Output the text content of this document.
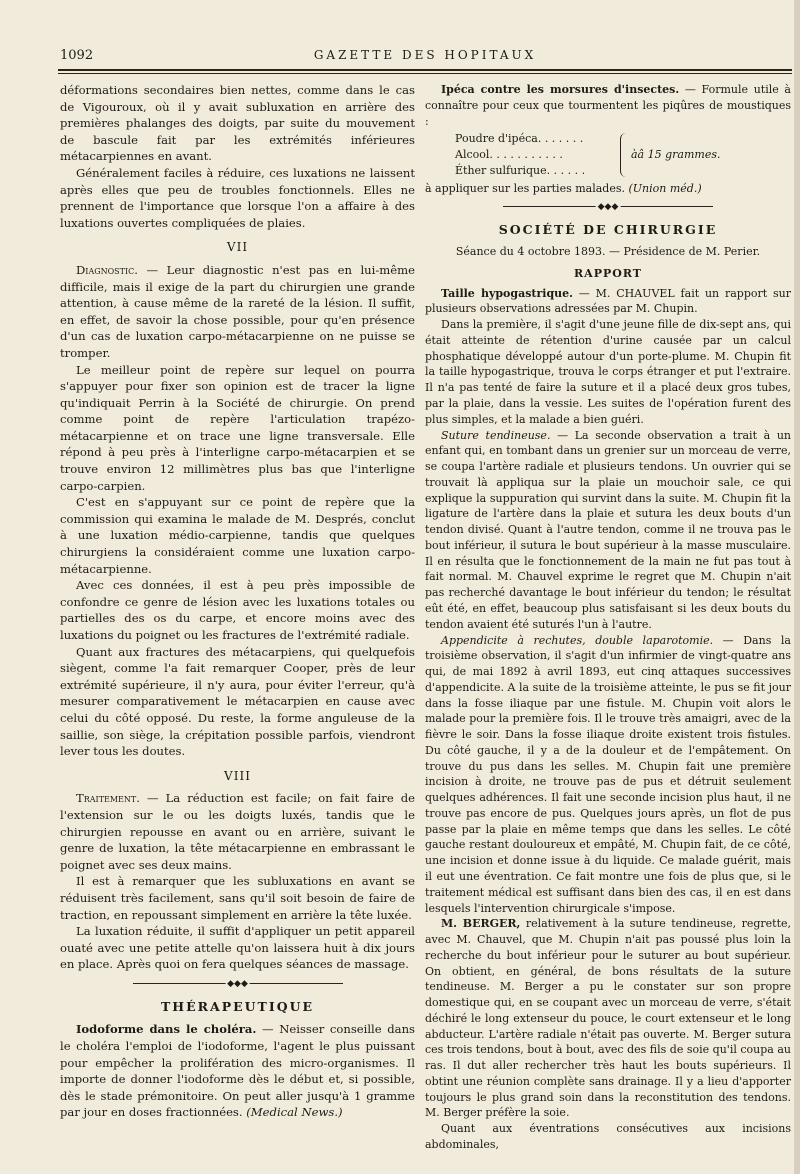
1092	GAZETTE DES HOPITAUX

déformations secondaires bien nettes, comme dans le cas de Vigouroux, où il y avait subluxation en arrière des premières phalanges des doigts, par suite du mouvement de bascule fait par les extrémités inférieures métacarpiennes en avant.

Généralement faciles à réduire, ces luxations ne laissent après elles que peu de troubles fonctionnels. Elles ne prennent de l'importance que lorsque l'on a affaire à des luxations ouvertes compliquées de plaies.

VII

Diagnostic. — Leur diagnostic n'est pas en lui-même difficile, mais il exige de la part du chirurgien une grande attention, à cause même de la rareté de la lésion. Il suffit, en effet, de savoir la chose possible, pour qu'en présence d'un cas de luxation carpo-métacarpienne on ne puisse se tromper.

Le meilleur point de repère sur lequel on pourra s'appuyer pour fixer son opinion est de tracer la ligne qu'indiquait Perrin à la Société de chirurgie. On prend comme point de repère l'articulation trapézo-métacarpienne et on trace une ligne transversale. Elle répond à peu près à l'interligne carpo-métacarpien et se trouve environ 12 millimètres plus bas que l'interligne carpo-carpien.

C'est en s'appuyant sur ce point de repère que la commission qui examina le malade de M. Després, conclut à une luxation médio-carpienne, tandis que quelques chirurgiens la considéraient comme une luxation carpo-métacarpienne.

Avec ces données, il est à peu près impossible de confondre ce genre de lésion avec les luxations totales ou partielles des os du carpe, et encore moins avec des luxations du poignet ou les fractures de l'extrémité radiale.

Quant aux fractures des métacarpiens, qui quelquefois siègent, comme l'a fait remarquer Cooper, près de leur extrémité supérieure, il n'y aura, pour éviter l'erreur, qu'à mesurer comparativement le métacarpien en cause avec celui du côté opposé. Du reste, la forme anguleuse de la saillie, son siège, la crépitation possible parfois, viendront lever tous les doutes.

VIII

Traitement. — La réduction est facile; on fait faire de l'extension sur le ou les doigts luxés, tandis que le chirurgien repousse en avant ou en arrière, suivant le genre de luxation, la tête métacarpienne en embrassant le poignet avec ses deux mains.

Il est à remarquer que les subluxations en avant se réduisent très facilement, sans qu'il soit besoin de faire de traction, en repoussant simplement en arrière la tête luxée.

La luxation réduite, il suffit d'appliquer un petit appareil ouaté avec une petite attelle qu'on laissera huit à dix jours en place. Après quoi on fera quelques séances de massage.

◆◆◆
THÉRAPEUTIQUE

Iodoforme dans le choléra. — Neisser conseille dans le choléra l'emploi de l'iodoforme, l'agent le plus puissant pour empêcher la prolifération des micro-organismes. Il importe de donner l'iodoforme dès le début et, si possible, dès le stade prémonitoire. On peut aller jusqu'à 1 gramme par jour en doses fractionnées. (Medical News.)

Ipéca contre les morsures d'insectes. — Formule utile à connaître pour ceux que tourmentent les piqûres de moustiques :

Poudre d'ipéca. . . . . . .
Alcool. . . . . . . . . . .
Éther sulfurique. . . . . .
àâ 15 grammes.

à appliquer sur les parties malades. (Union méd.)

◆◆◆
SOCIÉTÉ DE CHIRURGIE
Séance du 4 octobre 1893. — Présidence de M. Perier.
RAPPORT

Taille hypogastrique. — M. CHAUVEL fait un rapport sur plusieurs observations adressées par M. Chupin.

Dans la première, il s'agit d'une jeune fille de dix-sept ans, qui était atteinte de rétention d'urine causée par un calcul phosphatique développé autour d'un porte-plume. M. Chupin fit la taille hypogastrique, trouva le corps étranger et put l'extraire. Il n'a pas tenté de faire la suture et il a placé deux gros tubes, par la plaie, dans la vessie. Les suites de l'opération furent des plus simples, et la malade a bien guéri.

Suture tendineuse. — La seconde observation a trait à un enfant qui, en tombant dans un grenier sur un morceau de verre, se coupa l'artère radiale et plusieurs tendons. Un ouvrier qui se trouvait là appliqua sur la plaie un mouchoir sale, ce qui explique la suppuration qui survint dans la suite. M. Chupin fit la ligature de l'artère dans la plaie et sutura les deux bouts d'un tendon divisé. Quant à l'autre tendon, comme il ne trouva pas le bout inférieur, il sutura le bout supérieur à la masse musculaire. Il en résulta que le fonctionnement de la main ne fut pas tout à fait normal. M. Chauvel exprime le regret que M. Chupin n'ait pas recherché davantage le bout inférieur du tendon; le résultat eût été, en effet, beaucoup plus satisfaisant si les deux bouts du tendon avaient été suturés l'un à l'autre.

Appendicite à rechutes, double laparotomie. — Dans la troisième observation, il s'agit d'un infirmier de vingt-quatre ans qui, de mai 1892 à avril 1893, eut cinq attaques successives d'appendicite. A la suite de la troisième atteinte, le pus se fit jour dans la fosse iliaque par une fistule. M. Chupin voit alors le malade pour la première fois. Il le trouve très amaigri, avec de la fièvre le soir. Dans la fosse iliaque droite existent trois fistules. Du côté gauche, il y a de la douleur et de l'empâtement. On trouve du pus dans les selles. M. Chupin fait une première incision à droite, ne trouve pas de pus et détruit seulement quelques adhérences. Il fait une seconde incision plus haut, il ne trouve pas encore de pus. Quelques jours après, un flot de pus passe par la plaie en même temps que dans les selles. Le côté gauche restant douloureux et empâté, M. Chupin fait, de ce côté, une incision et donne issue à du liquide. Ce malade guérit, mais il eut une éventration. Ce fait montre une fois de plus que, si le traitement médical est suffisant dans bien des cas, il en est dans lesquels l'intervention chirurgicale s'impose.

M. BERGER, relativement à la suture tendineuse, regrette, avec M. Chauvel, que M. Chupin n'ait pas poussé plus loin la recherche du bout inférieur pour le suturer au bout supérieur. On obtient, en général, de bons résultats de la suture tendineuse. M. Berger a pu le constater sur son propre domestique qui, en se coupant avec un morceau de verre, s'était déchiré le long extenseur du pouce, le court extenseur et le long abducteur. L'artère radiale n'était pas ouverte. M. Berger sutura ces trois tendons, bout à bout, avec des fils de soie qu'il coupa au ras. Il dut aller rechercher très haut les bouts supérieurs. Il obtint une réunion complète sans drainage. Il y a lieu d'apporter toujours le plus grand soin dans la reconstitution des tendons. M. Berger préfère la soie.

Quant aux éventrations consécutives aux incisions abdominales,
